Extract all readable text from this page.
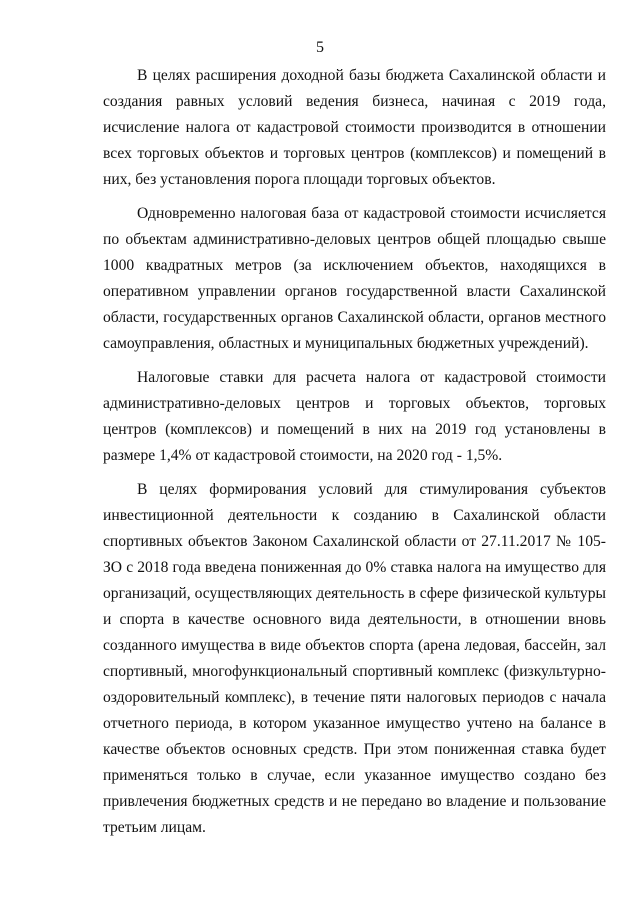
5

В целях расширения доходной базы бюджета Сахалинской области и создания равных условий ведения бизнеса, начиная с 2019 года, исчисление налога от кадастровой стоимости производится в отношении всех торговых объектов и торговых центров (комплексов) и помещений в них, без установления порога площади торговых объектов.

Одновременно налоговая база от кадастровой стоимости исчисляется по объектам административно-деловых центров общей площадью свыше 1000 квадратных метров (за исключением объектов, находящихся в оперативном управлении органов государственной власти Сахалинской области, государственных органов Сахалинской области, органов местного самоуправления, областных и муниципальных бюджетных учреждений).

Налоговые ставки для расчета налога от кадастровой стоимости административно-деловых центров и торговых объектов, торговых центров (комплексов) и помещений в них на 2019 год установлены в размере 1,4% от кадастровой стоимости, на 2020 год - 1,5%.

В целях формирования условий для стимулирования субъектов инвестиционной деятельности к созданию в Сахалинской области спортивных объектов Законом Сахалинской области от 27.11.2017 № 105-ЗО с 2018 года введена пониженная до 0% ставка налога на имущество для организаций, осуществляющих деятельность в сфере физической культуры и спорта в качестве основного вида деятельности, в отношении вновь созданного имущества в виде объектов спорта (арена ледовая, бассейн, зал спортивный, многофункциональный спортивный комплекс (физкультурно-оздоровительный комплекс), в течение пяти налоговых периодов с начала отчетного периода, в котором указанное имущество учтено на балансе в качестве объектов основных средств. При этом пониженная ставка будет применяться только в случае, если указанное имущество создано без привлечения бюджетных средств и не передано во владение и пользование третьим лицам.
